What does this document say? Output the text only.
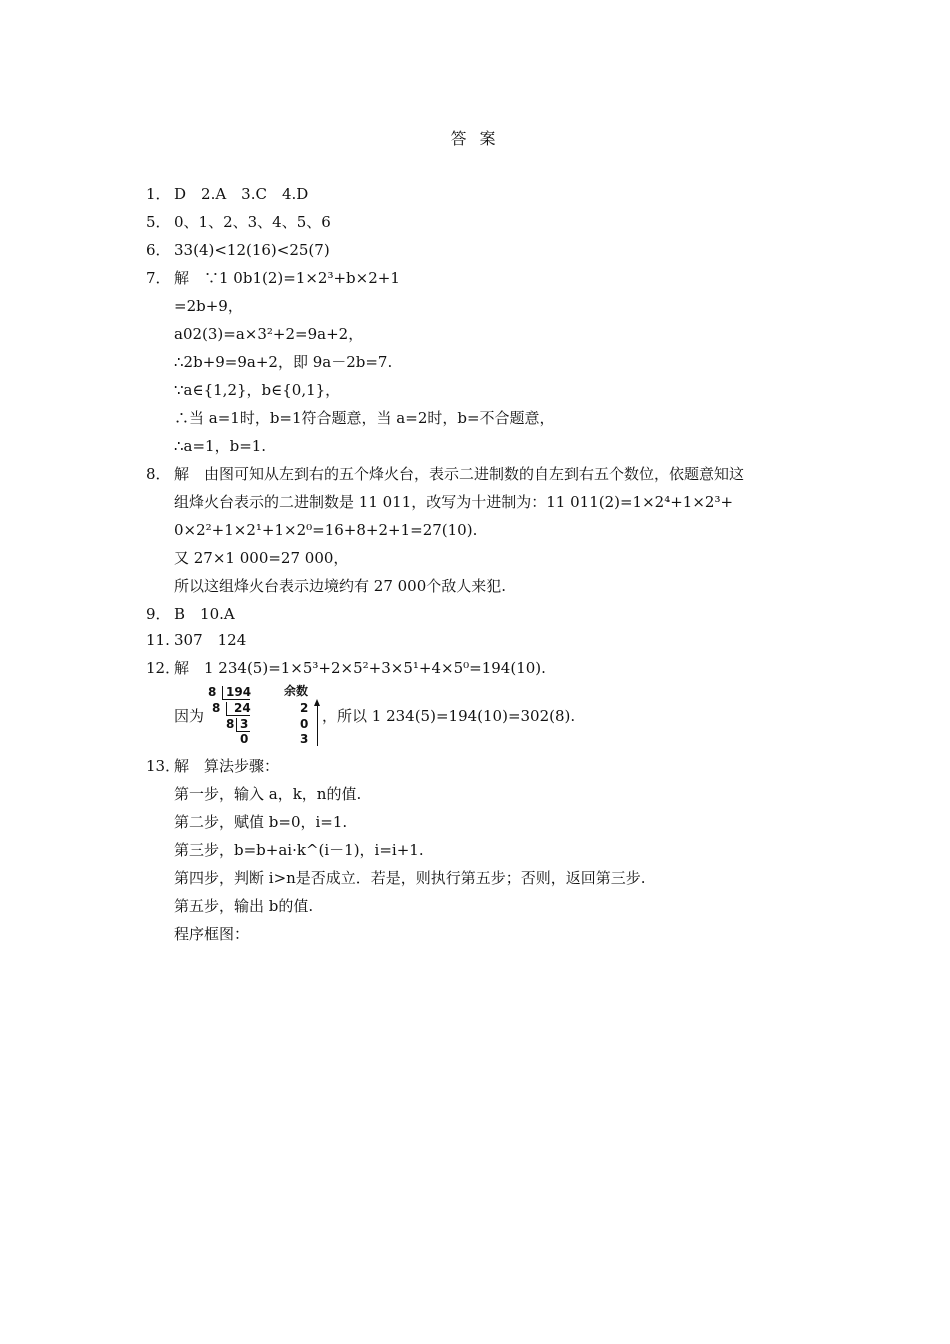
答 案
1． D　2.A　3.C　4.D
5． 0、1、2、3、4、5、6
6． 33(4)<12(16)<25(7)
7． 解　∵1 0b1(2)=1×2³+b×2+1
=2b+9，
a02(3)=a×3²+2=9a+2，
∴2b+9=9a+2，即 9a－2b=7.
∵a∈{1,2}，b∈{0,1}，
∴当 a=1时，b=1符合题意，当 a=2时，b=不合题意，
∴a=1，b=1.
8． 解　由图可知从左到右的五个烽火台，表示二进制数的自左到右五个数位，依题意知这
组烽火台表示的二进制数是 11 011，改写为十进制为：11 011(2)=1×2⁴+1×2³+
0×2²+1×2¹+1×2⁰=16+8+2+1=27(10).
又 27×1 000=27 000，
所以这组烽火台表示边境约有 27 000个敌人来犯.
9． B　10.A
11. 307　124
12．
解　1 234(5)=1×5³+2×5²+3×5¹+4×5⁰=194(10).
因为
8 194
8 24
8 3
0
余数
2
0
3
，所以 1 234(5)=194(10)=302(8).
13．
解　算法步骤：
第一步，输入 a，k，n的值.
第二步，赋值 b=0，i=1.
第三步，b=b+ai·k^(i－1)，i=i+1.
第四步，判断 i>n是否成立．若是，则执行第五步；否则，返回第三步.
第五步，输出 b的值.
程序框图：
